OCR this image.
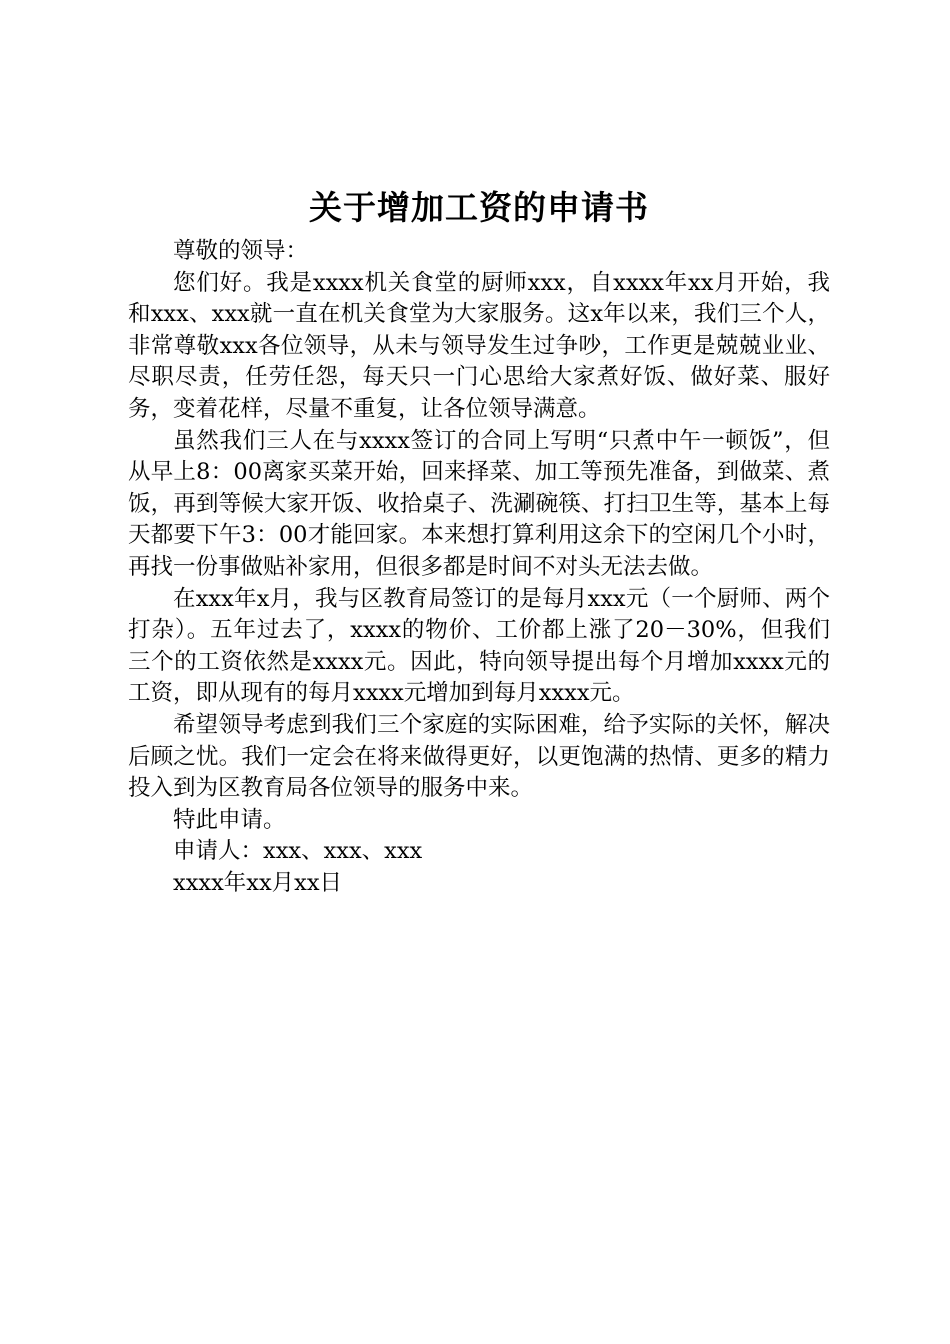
关于增加工资的申请书

尊敬的领导：

您们好。我是xxxx机关食堂的厨师xxx，自xxxx年xx月开始，我和xxx、xxx就一直在机关食堂为大家服务。这x年以来，我们三个人，非常尊敬xxx各位领导，从未与领导发生过争吵，工作更是兢兢业业、尽职尽责，任劳任怨，每天只一门心思给大家煮好饭、做好菜、服好务，变着花样，尽量不重复，让各位领导满意。

虽然我们三人在与xxxx签订的合同上写明“只煮中午一顿饭”，但从早上8：00离家买菜开始，回来择菜、加工等预先准备，到做菜、煮饭，再到等候大家开饭、收拾桌子、洗涮碗筷、打扫卫生等，基本上每天都要下午3：00才能回家。本来想打算利用这余下的空闲几个小时，再找一份事做贴补家用，但很多都是时间不对头无法去做。

在xxx年x月，我与区教育局签订的是每月xxx元（一个厨师、两个打杂）。五年过去了，xxxx的物价、工价都上涨了20－30%，但我们三个的工资依然是xxxx元。因此，特向领导提出每个月增加xxxx元的工资，即从现有的每月xxxx元增加到每月xxxx元。

希望领导考虑到我们三个家庭的实际困难，给予实际的关怀，解决后顾之忧。我们一定会在将来做得更好，以更饱满的热情、更多的精力投入到为区教育局各位领导的服务中来。

特此申请。

申请人：xxx、xxx、xxx

xxxx年xx月xx日
